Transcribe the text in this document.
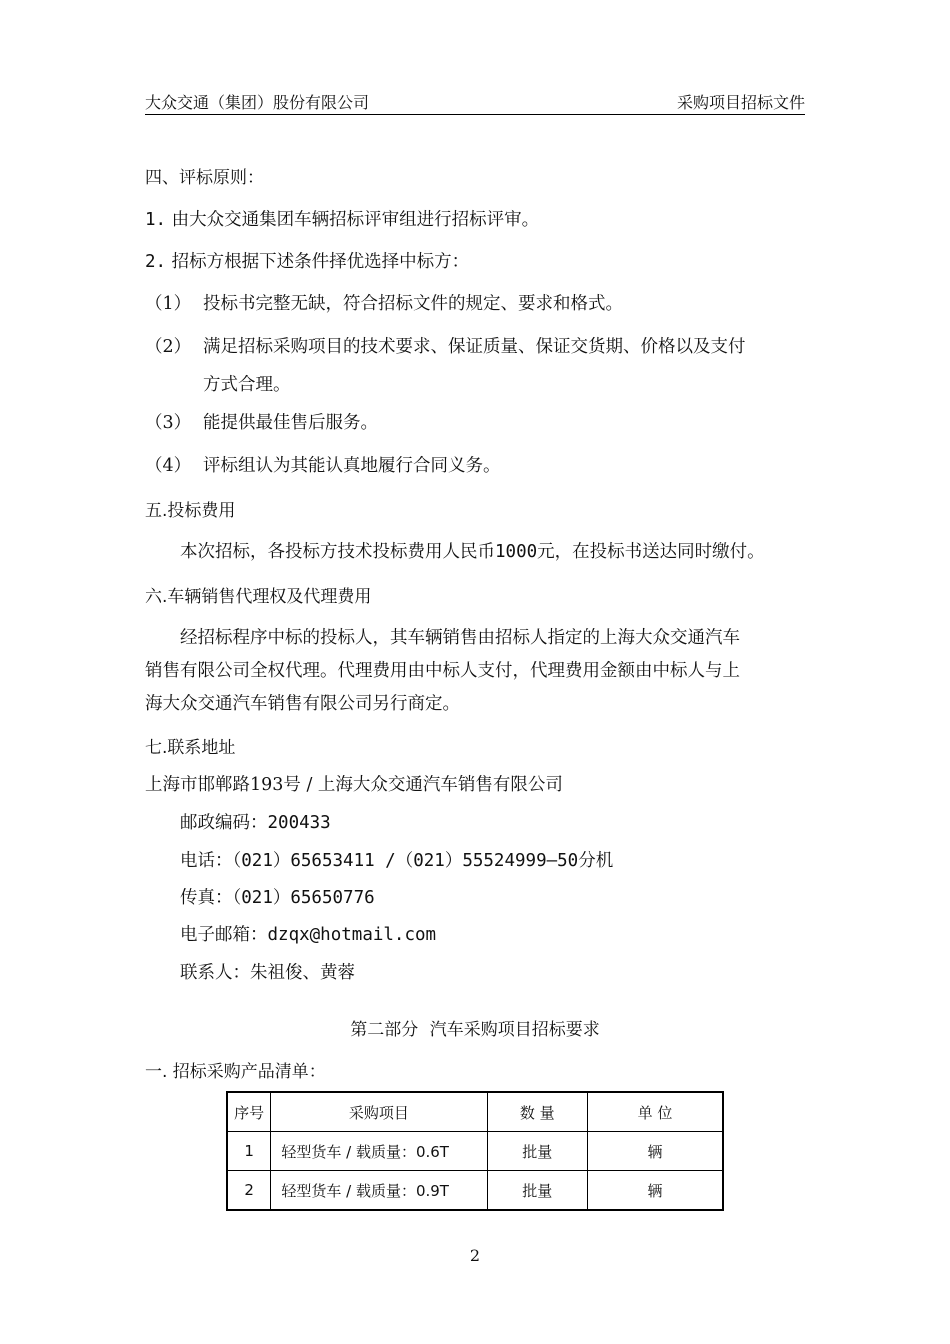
大众交通（集团）股份有限公司	采购项目招标文件
四、评标原则：
1. 由大众交通集团车辆招标评审组进行招标评审。
2. 招标方根据下述条件择优选择中标方：
（1） 投标书完整无缺，符合招标文件的规定、要求和格式。
（2） 满足招标采购项目的技术要求、保证质量、保证交货期、价格以及支付
方式合理。
（3） 能提供最佳售后服务。
（4） 评标组认为其能认真地履行合同义务。
五.投标费用
本次招标，各投标方技术投标费用人民币1000元，在投标书送达同时缴付。
六.车辆销售代理权及代理费用
经招标程序中标的投标人，其车辆销售由招标人指定的上海大众交通汽车
销售有限公司全权代理。代理费用由中标人支付，代理费用金额由中标人与上
海大众交通汽车销售有限公司另行商定。
七.联系地址
上海市邯郸路193号 / 上海大众交通汽车销售有限公司
邮政编码：200433
电话：（021）65653411 /（021）55524999—50分机
传真：（021）65650776
电子邮箱：dzqx@hotmail.com
联系人：朱祖俊、黄蓉
第二部分 汽车采购项目招标要求
一. 招标采购产品清单：
序号	采购项目	数 量	单 位
1	轻型货车 / 载质量：0.6T	批量	辆
2	轻型货车 / 载质量：0.9T	批量	辆
2
